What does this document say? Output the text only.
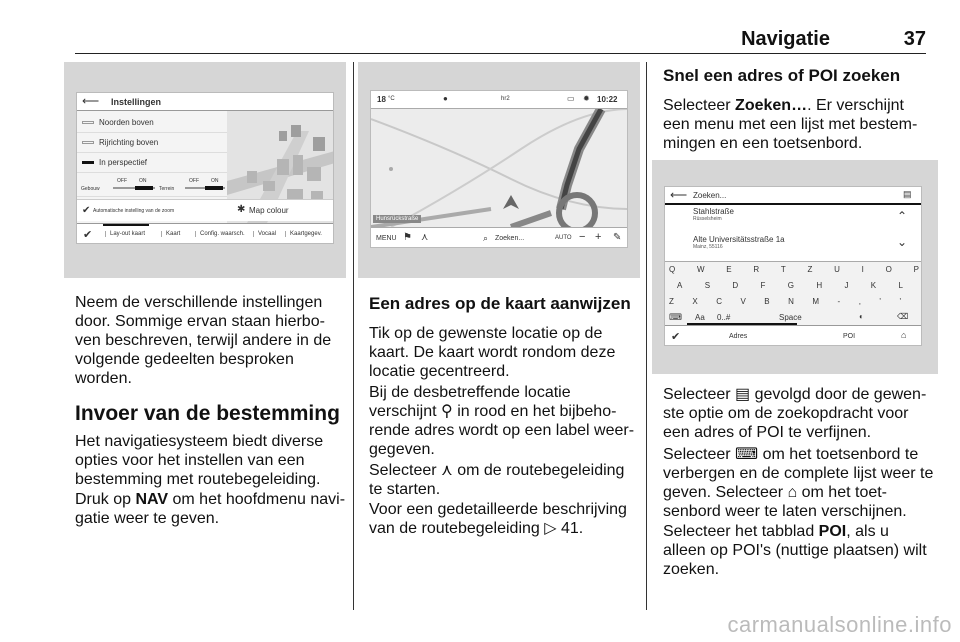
Navigatie	37
⟵ Instellingen
Noorden boven
Rijrichting boven
In perspectief
Gebouw
OFF ON
Terrein
OFF ON
✔ Automatische instelling van de zoom	✱ Map colour
✔	Lay-out kaart	Kaart	Config. waarsch.	Vocaal	Kaartgegev.
Neem de verschillende instellingen door. Sommige ervan staan hierbo-ven beschreven, terwijl andere in de volgende gedeelten besproken worden.
Invoer van de bestemming
Het navigatiesysteem biedt diverse opties voor het instellen van een bestemming met routebegeleiding.
Druk op NAV om het hoofdmenu navi-gatie weer te geven.
18 °C	●	hr2	▭ ✹ 10:22
Hunsrückstraße
MENU ⚑ ⋏	⌕ Zoeken...	AUTO − + ✎
Een adres op de kaart aanwijzen
Tik op de gewenste locatie op de kaart. De kaart wordt rondom deze locatie gecentreerd.
Bij de desbetreffende locatie verschijnt ⚲ in rood en het bijbeho-rende adres wordt op een label weer-gegeven.
Selecteer ⋏ om de routebegeleiding te starten.
Voor een gedetailleerde beschrijving van de routebegeleiding ▷ 41.
Snel een adres of POI zoeken
Selecteer Zoeken…. Er verschijnt een menu met een lijst met bestem-mingen en een toetsenbord.
⟵ Zoeken...	▤
Stahlstraße
Rüsselsheim	⌃
Alte Universitätsstraße 1a
Mainz, 55116	⌄
Q	W	E	R	T	Z	U	I	O	P
A	S	D	F	G	H	J	K	L
Z X C V B N M - , ' '
⌨ Aa 0..#	Space	◐	⌫
✔	Adres	POI	⌂
Selecteer ▤ gevolgd door de gewen-ste optie om de zoekopdracht voor een adres of POI te verfijnen.
Selecteer ⌨ om het toetsenbord te verbergen en de complete lijst weer te geven. Selecteer ⌂ om het toet-senbord weer te laten verschijnen.
Selecteer het tabblad POI, als u alleen op POI's (nuttige plaatsen) wilt zoeken.
carmanualsonline.info
